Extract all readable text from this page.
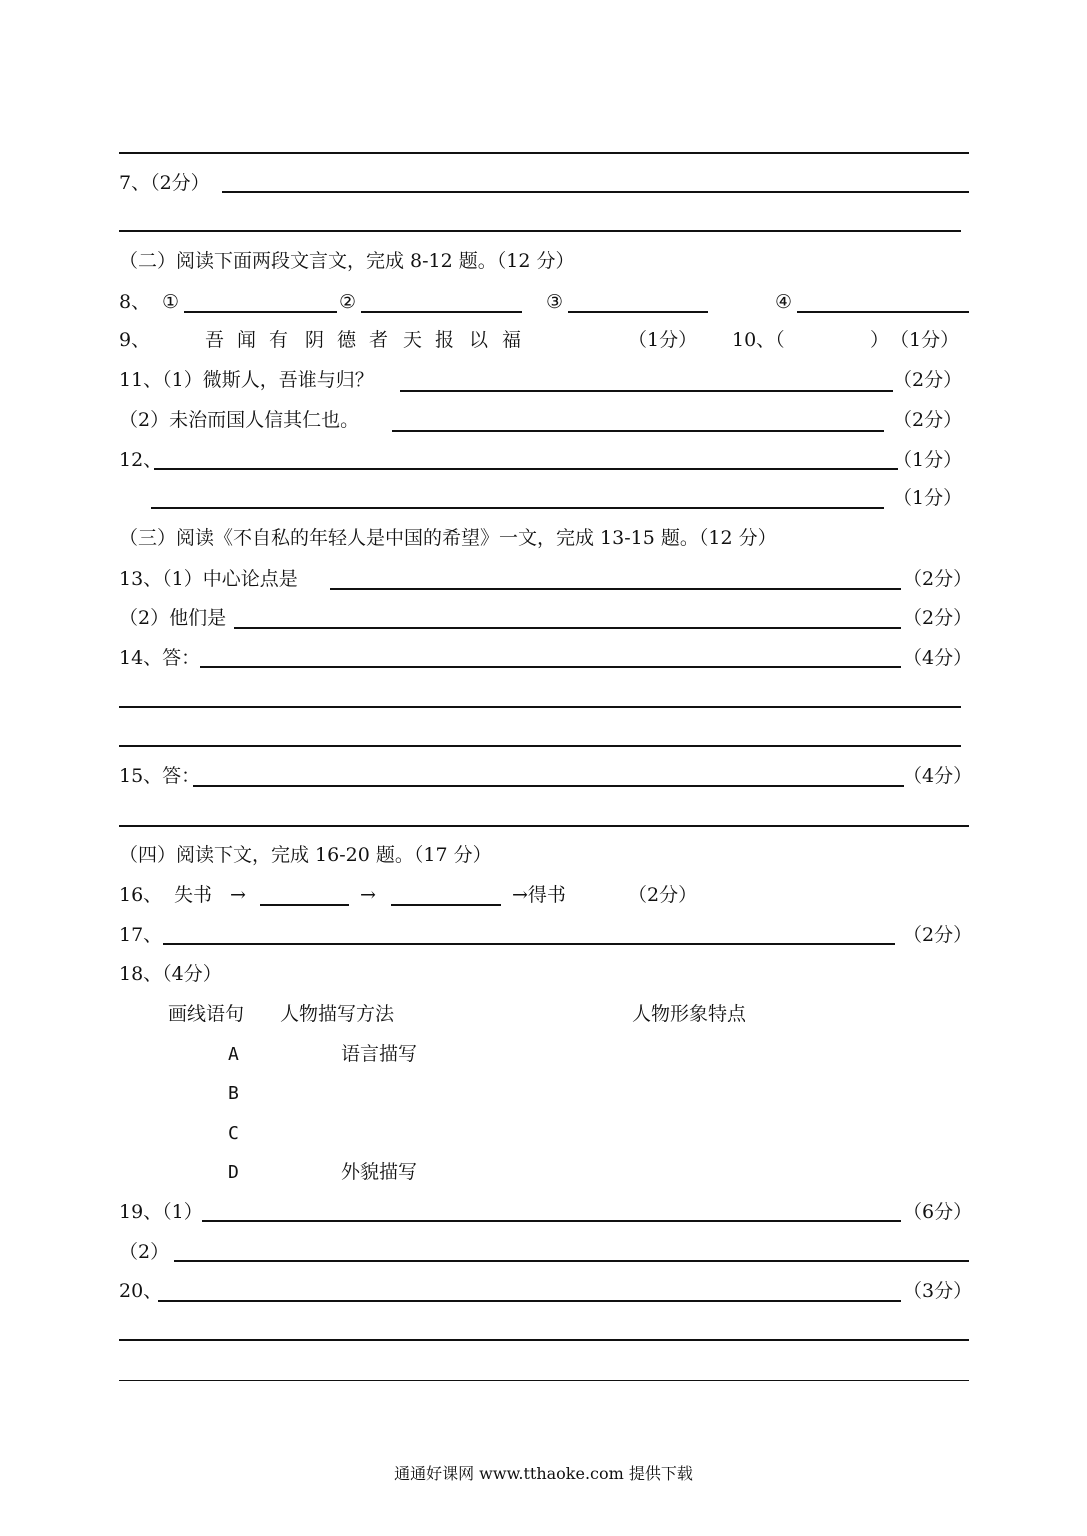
7、（2分）
（二）阅读下面两段文言文，完成 8-12 题。（12 分）
8、 ①	②	③	④
9、	吾 闻 有 阴 德 者 天 报 以 福	（1分） 10、（	） （1分）
11、（1）微斯人，吾谁与归？	（2分）
（2）未治而国人信其仁也。	（2分）
12、	（1分）
（1分）
（三）阅读《不自私的年轻人是中国的希望》一文，完成 13-15 题。（12 分）
13、（1）中心论点是	（2分）
（2）他们是	（2分）
14、答：	（4分）
15、答：	（4分）
（四）阅读下文，完成 16-20 题。（17 分）
16、 失书 →	→	→得书	（2分）
17、	（2分）
18、（4分）
画线语句 人物描写方法	人物形象特点
A	语言描写
B
C
D	外貌描写
19、（1）	（6分）
（2）
20、	（3分）
通通好课网 www.tthaoke.com 提供下载
